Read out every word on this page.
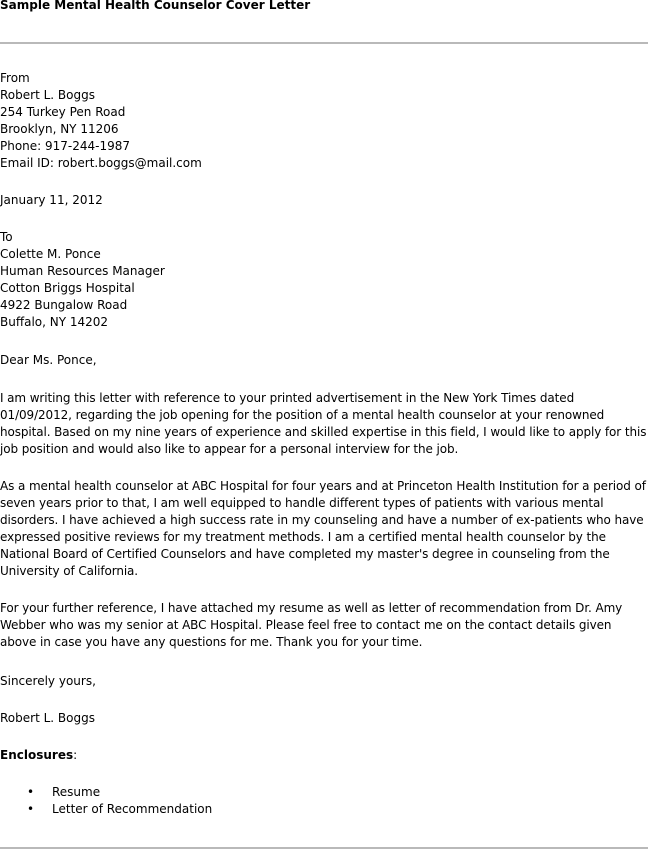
Sample Mental Health Counselor Cover Letter
From
Robert L. Boggs
254 Turkey Pen Road
Brooklyn, NY 11206
Phone: 917-244-1987
Email ID: robert.boggs@mail.com
January 11, 2012
To
Colette M. Ponce
Human Resources Manager
Cotton Briggs Hospital
4922 Bungalow Road
Buffalo, NY 14202
Dear Ms. Ponce,

I am writing this letter with reference to your printed advertisement in the New York Times dated 01/09/2012, regarding the job opening for the position of a mental health counselor at your renowned hospital. Based on my nine years of experience and skilled expertise in this field, I would like to apply for this job position and would also like to appear for a personal interview for the job.

As a mental health counselor at ABC Hospital for four years and at Princeton Health Institution for a period of seven years prior to that, I am well equipped to handle different types of patients with various mental disorders. I have achieved a high success rate in my counseling and have a number of ex-patients who have expressed positive reviews for my treatment methods. I am a certified mental health counselor by the National Board of Certified Counselors and have completed my master's degree in counseling from the University of California.

For your further reference, I have attached my resume as well as letter of recommendation from Dr. Amy Webber who was my senior at ABC Hospital. Please feel free to contact me on the contact details given above in case you have any questions for me. Thank you for your time.

Sincerely yours,
Robert L. Boggs
Enclosures:
• Resume
• Letter of Recommendation
